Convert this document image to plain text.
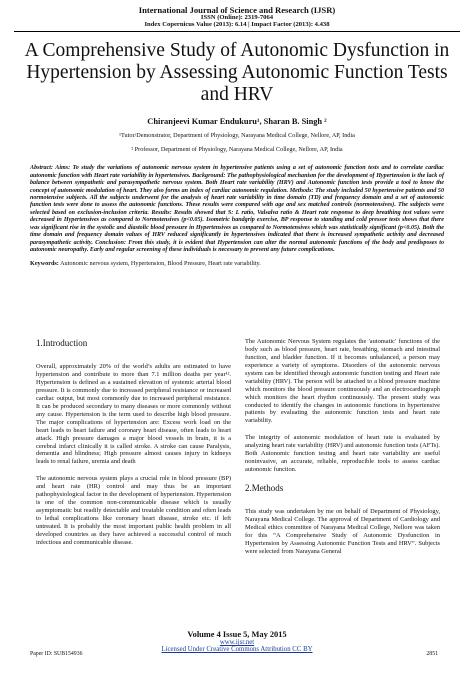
International Journal of Science and Research (IJSR)
ISSN (Online): 2319-7064
Index Copernicus Value (2013): 6.14 | Impact Factor (2013): 4.438
A Comprehensive Study of Autonomic Dysfunction in Hypertension by Assessing Autonomic Function Tests and HRV
Chiranjeevi Kumar Endukuru¹, Sharan B. Singh ²
¹Tutor/Demonstrator, Department of Physiology, Narayana Medical College, Nellore, AP, India
² Professor, Department of Physiology, Narayana Medical College, Nellore, AP, India
Abstract: Aims: To study the variations of autonomic nervous system in hypertensive patients using a set of autonomic function tests and to correlate cardiac autonomic function with Heart rate variability in hypertensives. Background: The pathophysiological mechanism for the development of Hypertension is the lack of balance between sympathetic and parasympathetic nervous system. Both Heart rate variability (HRV) and Autonomic function tests provide a tool to know the concept of autonomic modulation of heart. They also forms an index of cardiac autonomic regulation. Methods: The study included 50 hypertensive patients and 50 normotensive subjects. All the subjects underwent for the analysis of heart rate variability in time domain (TD) and frequency domain and a set of autonomic function tests were done to assess the autonomic functions. These results were compared with age and sex matched controls (normotensives). The subjects were selected based on exclusion-inclusion criteria. Results: Results showed that S: L ratio, Valsalva ratio & Heart rate response to deep breathing test values were decreased in Hypertensives as compared to Normotensives (p<0.05). Isometric handgrip exercise, BP response to standing and cold pressor tests shows that there was significant rise in the systolic and diastolic blood pressure in Hypertensives as compared to Normotensives which was statistically significant (p<0.05). Both the time domain and frequency domain values of HRV reduced significantly in hypertensives indicated that there is increased sympathetic activity and decreased parasympathetic activity. Conclusion: From this study, it is evident that Hypertension can alter the normal autonomic functions of the body and predisposes to autonomic neuropathy. Early and regular screening of these individuals is necessary to prevent any future complications.
Keywords: Autonomic nervous system, Hypertension, Blood Pressure, Heart rate variability.
1.Introduction

Overall, approximately 20% of the world’s adults are estimated to have hypertension and contribute to more than 7.1 million deaths per year¹². Hypertension is defined as a sustained elevation of systemic arterial blood pressure. It is commonly due to increased peripheral resistance or increased cardiac output, but most commonly due to increased peripheral resistance. It can be produced secondary to many diseases or more commonly without any cause. Hypertension is the term used to describe high blood pressure. The major complications of hypertension are: Excess work load on the heart leads to heart failure and coronary heart disease, often leads to heart attack. High pressure damages a major blood vessels in brain, it is a cerebral infarct clinically it is called stroke. A stroke can cause Paralysis, dementia and blindness; High pressure almost causes injury in kidneys leads to renal failure, uremia and death

The autonomic nervous system plays a crucial role in blood pressure (BP) and heart rate (HR) control and may thus be an important pathophysiological factor in the development of hypertension. Hypertension is one of the common non-communicable disease which is usually asymptomatic but readily detectable and treatable condition and often leads to lethal complications like coronary heart disease, stroke etc. if left untreated. It is probably the most important public health problem in all developed countries as they have achieved a successful control of much infectious and communicable disease.

The Autonomic Nervous System regulates the 'automatic' functions of the body such as blood pressure, heart rate, breathing, stomach and intestinal function, and bladder function. If it becomes unbalanced, a person may experience a variety of symptoms. Disorders of the autonomic nervous system can be identified through autonomic function testing and Heart rate variability (HRV). The person will be attached to a blood pressure machine which monitors the blood pressure continuously and an electrocardiograph which monitors the heart rhythm continuously. The present study was conducted to identify the changes in autonomic functions in hypertensive patients by evaluating the autonomic function tests and heart rate variability.

The integrity of autonomic modulation of heart rate is evaluated by analyzing heart rate variability (HRV) and autonomic function tests (AFTs). Both Autonomic function testing and heart rate variability are useful noninvasive, an accurate, reliable, reproducible tools to assess cardiac autonomic function.

2.Methods

This study was undertaken by me on behalf of Department of Physiology, Narayana Medical College. The approval of Department of Cardiology and Medical ethics committee of Narayana Medical College, Nellore was taken for this “A Comprehensive Study of Autonomic Dysfunction in Hypertension by Assessing Autonomic Function Tests and HRV”. Subjects were selected from Narayana General

Volume 4 Issue 5, May 2015
www.ijsr.net
Licensed Under Creative Commons Attribution CC BY
Paper ID: SUB154936	2851
